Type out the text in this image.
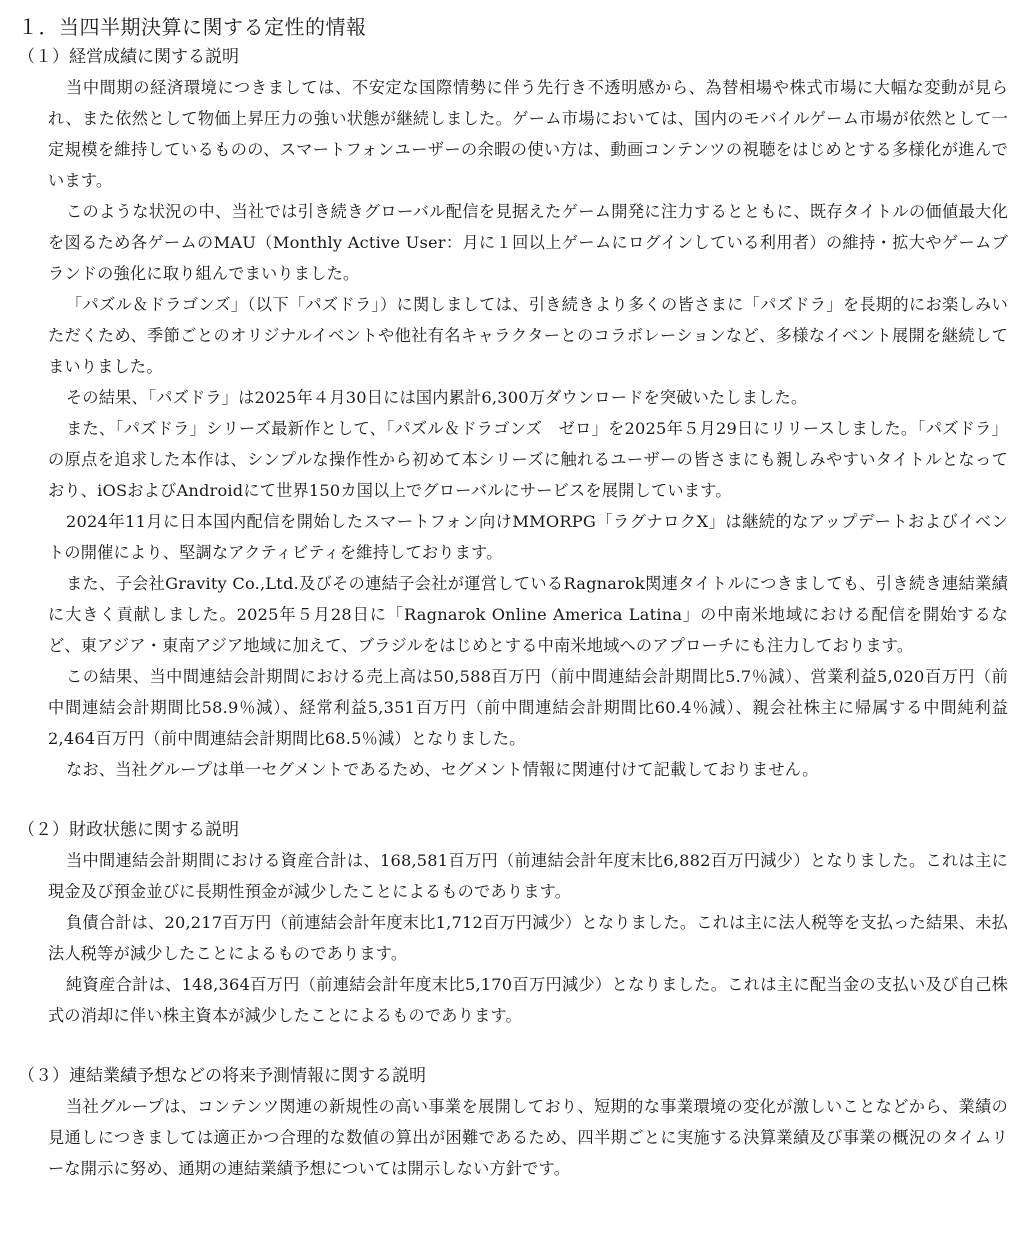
１．当四半期決算に関する定性的情報
（１）経営成績に関する説明

当中間期の経済環境につきましては、不安定な国際情勢に伴う先行き不透明感から、為替相場や株式市場に大幅な変動が見られ、また依然として物価上昇圧力の強い状態が継続しました。ゲーム市場においては、国内のモバイルゲーム市場が依然として一定規模を維持しているものの、スマートフォンユーザーの余暇の使い方は、動画コンテンツの視聴をはじめとする多様化が進んでいます。

このような状況の中、当社では引き続きグローバル配信を見据えたゲーム開発に注力するとともに、既存タイトルの価値最大化を図るため各ゲームのMAU（Monthly Active User：月に１回以上ゲームにログインしている利用者）の維持・拡大やゲームブランドの強化に取り組んでまいりました。

「パズル＆ドラゴンズ」（以下「パズドラ」）に関しましては、引き続きより多くの皆さまに「パズドラ」を長期的にお楽しみいただくため、季節ごとのオリジナルイベントや他社有名キャラクターとのコラボレーションなど、多様なイベント展開を継続してまいりました。

その結果、「パズドラ」は2025年４月30日には国内累計6,300万ダウンロードを突破いたしました。

また、「パズドラ」シリーズ最新作として、「パズル＆ドラゴンズ　ゼロ」を2025年５月29日にリリースしました。「パズドラ」の原点を追求した本作は、シンプルな操作性から初めて本シリーズに触れるユーザーの皆さまにも親しみやすいタイトルとなっており、iOSおよびAndroidにて世界150カ国以上でグローバルにサービスを展開しています。

2024年11月に日本国内配信を開始したスマートフォン向けMMORPG「ラグナロクX」は継続的なアップデートおよびイベントの開催により、堅調なアクティビティを維持しております。

また、子会社Gravity Co.,Ltd.及びその連結子会社が運営しているRagnarok関連タイトルにつきましても、引き続き連結業績に大きく貢献しました。2025年５月28日に「Ragnarok Online America Latina」の中南米地域における配信を開始するなど、東アジア・東南アジア地域に加えて、ブラジルをはじめとする中南米地域へのアプローチにも注力しております。

この結果、当中間連結会計期間における売上高は50,588百万円（前中間連結会計期間比5.7％減）、営業利益5,020百万円（前中間連結会計期間比58.9％減）、経常利益5,351百万円（前中間連結会計期間比60.4％減）、親会社株主に帰属する中間純利益2,464百万円（前中間連結会計期間比68.5％減）となりました。

なお、当社グループは単一セグメントであるため、セグメント情報に関連付けて記載しておりません。

（２）財政状態に関する説明

当中間連結会計期間における資産合計は、168,581百万円（前連結会計年度末比6,882百万円減少）となりました。これは主に現金及び預金並びに長期性預金が減少したことによるものであります。

負債合計は、20,217百万円（前連結会計年度末比1,712百万円減少）となりました。これは主に法人税等を支払った結果、未払法人税等が減少したことによるものであります。

純資産合計は、148,364百万円（前連結会計年度末比5,170百万円減少）となりました。これは主に配当金の支払い及び自己株式の消却に伴い株主資本が減少したことによるものであります。

（３）連結業績予想などの将来予測情報に関する説明

当社グループは、コンテンツ関連の新規性の高い事業を展開しており、短期的な事業環境の変化が激しいことなどから、業績の見通しにつきましては適正かつ合理的な数値の算出が困難であるため、四半期ごとに実施する決算業績及び事業の概況のタイムリーな開示に努め、通期の連結業績予想については開示しない方針です。
